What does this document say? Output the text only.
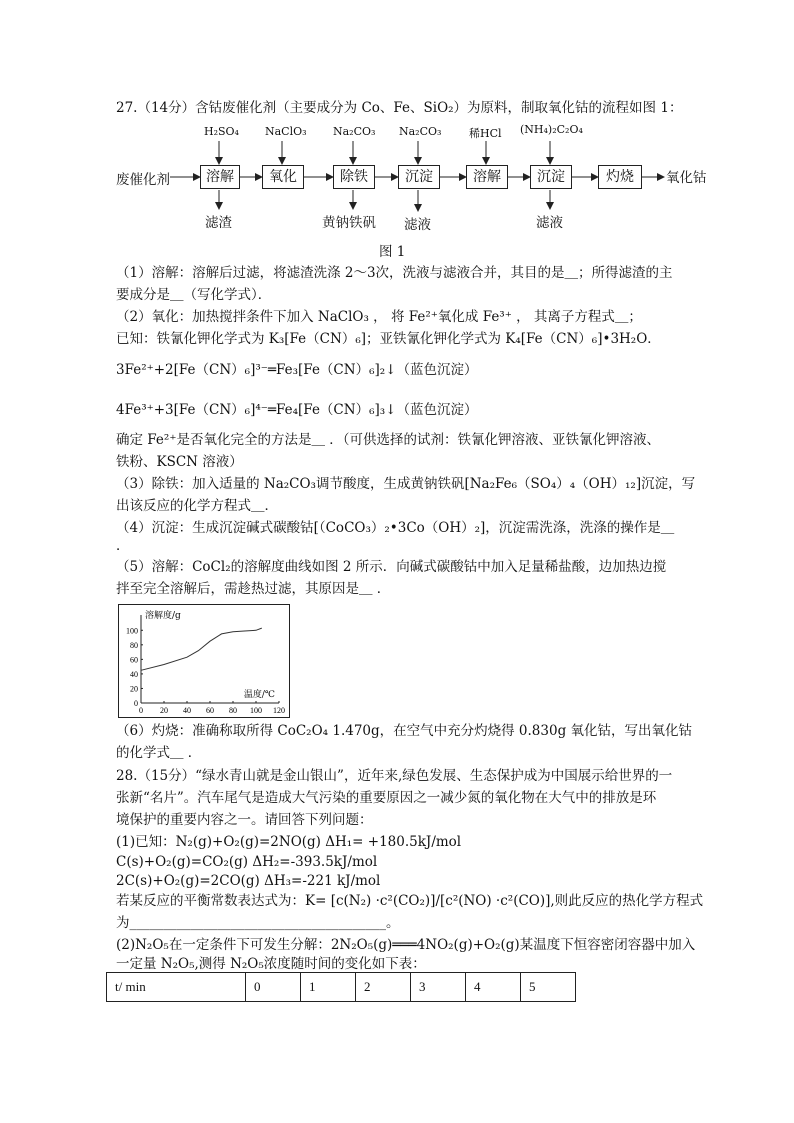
27.（14分）含钴废催化剂（主要成分为 Co、Fe、SiO₂）为原料，制取氧化钴的流程如图 1：
废催化剂	氧化钴
溶解	氧化	除铁	沉淀	溶解	沉淀	灼烧
H₂SO₄ NaClO₃ Na₂CO₃ Na₂CO₃	稀HCl (NH₄)₂C₂O₄
滤渣	黄钠铁矾 滤液	滤液
图 1
（1）溶解：溶解后过滤，将滤渣洗涤 2～3次，洗液与滤液合并，其目的是＿；所得滤渣的主
要成分是＿（写化学式）．
（2）氧化：加热搅拌条件下加入 NaClO₃ ， 将 Fe²⁺氧化成 Fe³⁺ ， 其离子方程式＿；
已知：铁氰化钾化学式为 K₃[Fe（CN）₆]；亚铁氰化钾化学式为 K₄[Fe（CN）₆]•3H₂O．
3Fe²⁺+2[Fe（CN）₆]³⁻═Fe₃[Fe（CN）₆]₂↓（蓝色沉淀）
4Fe³⁺+3[Fe（CN）₆]⁴⁻═Fe₄[Fe（CN）₆]₃↓（蓝色沉淀）
确定 Fe²⁺是否氧化完全的方法是＿ ．（可供选择的试剂：铁氰化钾溶液、亚铁氰化钾溶液、
铁粉、KSCN 溶液）
（3）除铁：加入适量的 Na₂CO₃调节酸度，生成黄钠铁矾[Na₂Fe₆（SO₄）₄（OH）₁₂]沉淀，写
出该反应的化学方程式＿．
（4）沉淀：生成沉淀碱式碳酸钴[（CoCO₃）₂•3Co（OH）₂]，沉淀需洗涤，洗涤的操作是＿
．
（5）溶解：CoCl₂的溶解度曲线如图 2 所示．向碱式碳酸钴中加入足量稀盐酸，边加热边搅
拌至完全溶解后，需趁热过滤，其原因是＿ ．
0 20 40 60 80 100 120
0
20
40
60
80
100
溶解度/g
温度/℃
（6）灼烧：准确称取所得 CoC₂O₄ 1.470g，在空气中充分灼烧得 0.830g 氧化钴，写出氧化钴
的化学式＿ ．
28.（15分）“绿水青山就是金山银山”，近年来,绿色发展、生态保护成为中国展示给世界的一
张新“名片”。汽车尾气是造成大气污染的重要原因之一减少氮的氧化物在大气中的排放是环
境保护的重要内容之一。请回答下列问题：
(1)已知：N₂(g)+O₂(g)=2NO(g) ΔH₁= +180.5kJ/mol
C(s)+O₂(g)=CO₂(g) ΔH₂=-393.5kJ/mol
2C(s)+O₂(g)=2CO(g) ΔH₃=-221 kJ/mol
若某反应的平衡常数表达式为：K= [c(N₂) ·c²(CO₂)]/[c²(NO) ·c²(CO)],则此反应的热化学方程式
为______________________________________。
(2)N₂O₅在一定条件下可发生分解：2N₂O₅(g)═══4NO₂(g)+O₂(g)某温度下恒容密闭容器中加入
一定量 N₂O₅,测得 N₂O₅浓度随时间的变化如下表：
t/ min	0	1	2	3	4	5
